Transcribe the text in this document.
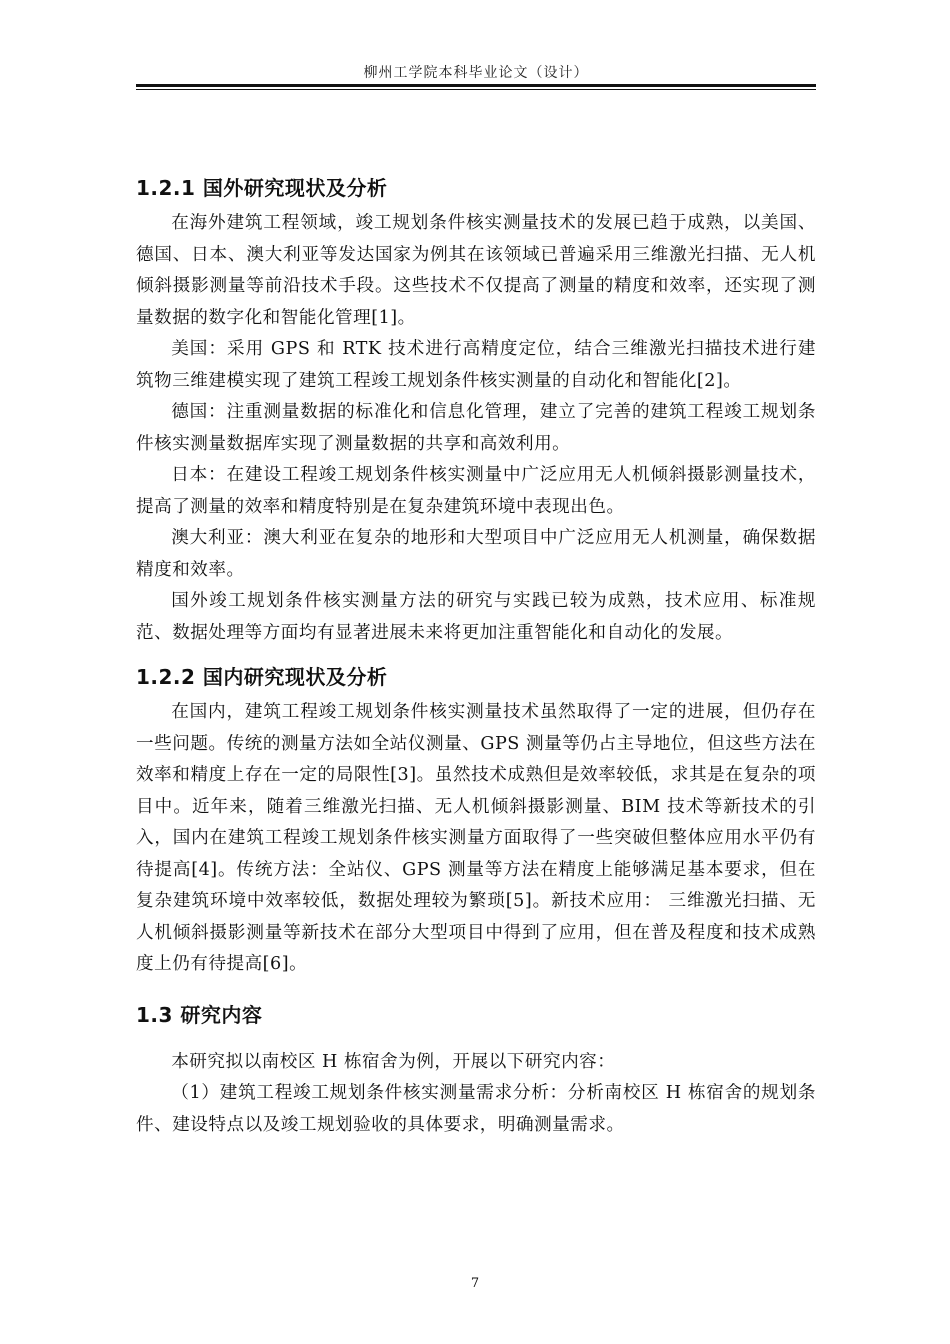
柳州工学院本科毕业论文（设计）
1.2.1 国外研究现状及分析

在海外建筑工程领域，竣工规划条件核实测量技术的发展已趋于成熟，以美国、德国、日本、澳大利亚等发达国家为例其在该领域已普遍采用三维激光扫描、无人机倾斜摄影测量等前沿技术手段。这些技术不仅提高了测量的精度和效率，还实现了测量数据的数字化和智能化管理[1]。

美国：采用 GPS 和 RTK 技术进行高精度定位，结合三维激光扫描技术进行建筑物三维建模实现了建筑工程竣工规划条件核实测量的自动化和智能化[2]。

德国：注重测量数据的标准化和信息化管理，建立了完善的建筑工程竣工规划条件核实测量数据库实现了测量数据的共享和高效利用。

日本：在建设工程竣工规划条件核实测量中广泛应用无人机倾斜摄影测量技术，提高了测量的效率和精度特别是在复杂建筑环境中表现出色。

澳大利亚：澳大利亚在复杂的地形和大型项目中广泛应用无人机测量，确保数据精度和效率。

国外竣工规划条件核实测量方法的研究与实践已较为成熟，技术应用、标准规范、数据处理等方面均有显著进展未来将更加注重智能化和自动化的发展。

1.2.2 国内研究现状及分析

在国内，建筑工程竣工规划条件核实测量技术虽然取得了一定的进展，但仍存在一些问题。传统的测量方法如全站仪测量、GPS 测量等仍占主导地位，但这些方法在效率和精度上存在一定的局限性[3]。虽然技术成熟但是效率较低，求其是在复杂的项目中。近年来，随着三维激光扫描、无人机倾斜摄影测量、BIM 技术等新技术的引入，国内在建筑工程竣工规划条件核实测量方面取得了一些突破但整体应用水平仍有待提高[4]。传统方法：全站仪、GPS 测量等方法在精度上能够满足基本要求，但在复杂建筑环境中效率较低，数据处理较为繁琐[5]。新技术应用： 三维激光扫描、无人机倾斜摄影测量等新技术在部分大型项目中得到了应用，但在普及程度和技术成熟度上仍有待提高[6]。

1.3 研究内容

本研究拟以南校区 H 栋宿舍为例，开展以下研究内容：

（1）建筑工程竣工规划条件核实测量需求分析：分析南校区 H 栋宿舍的规划条件、建设特点以及竣工规划验收的具体要求，明确测量需求。

7
